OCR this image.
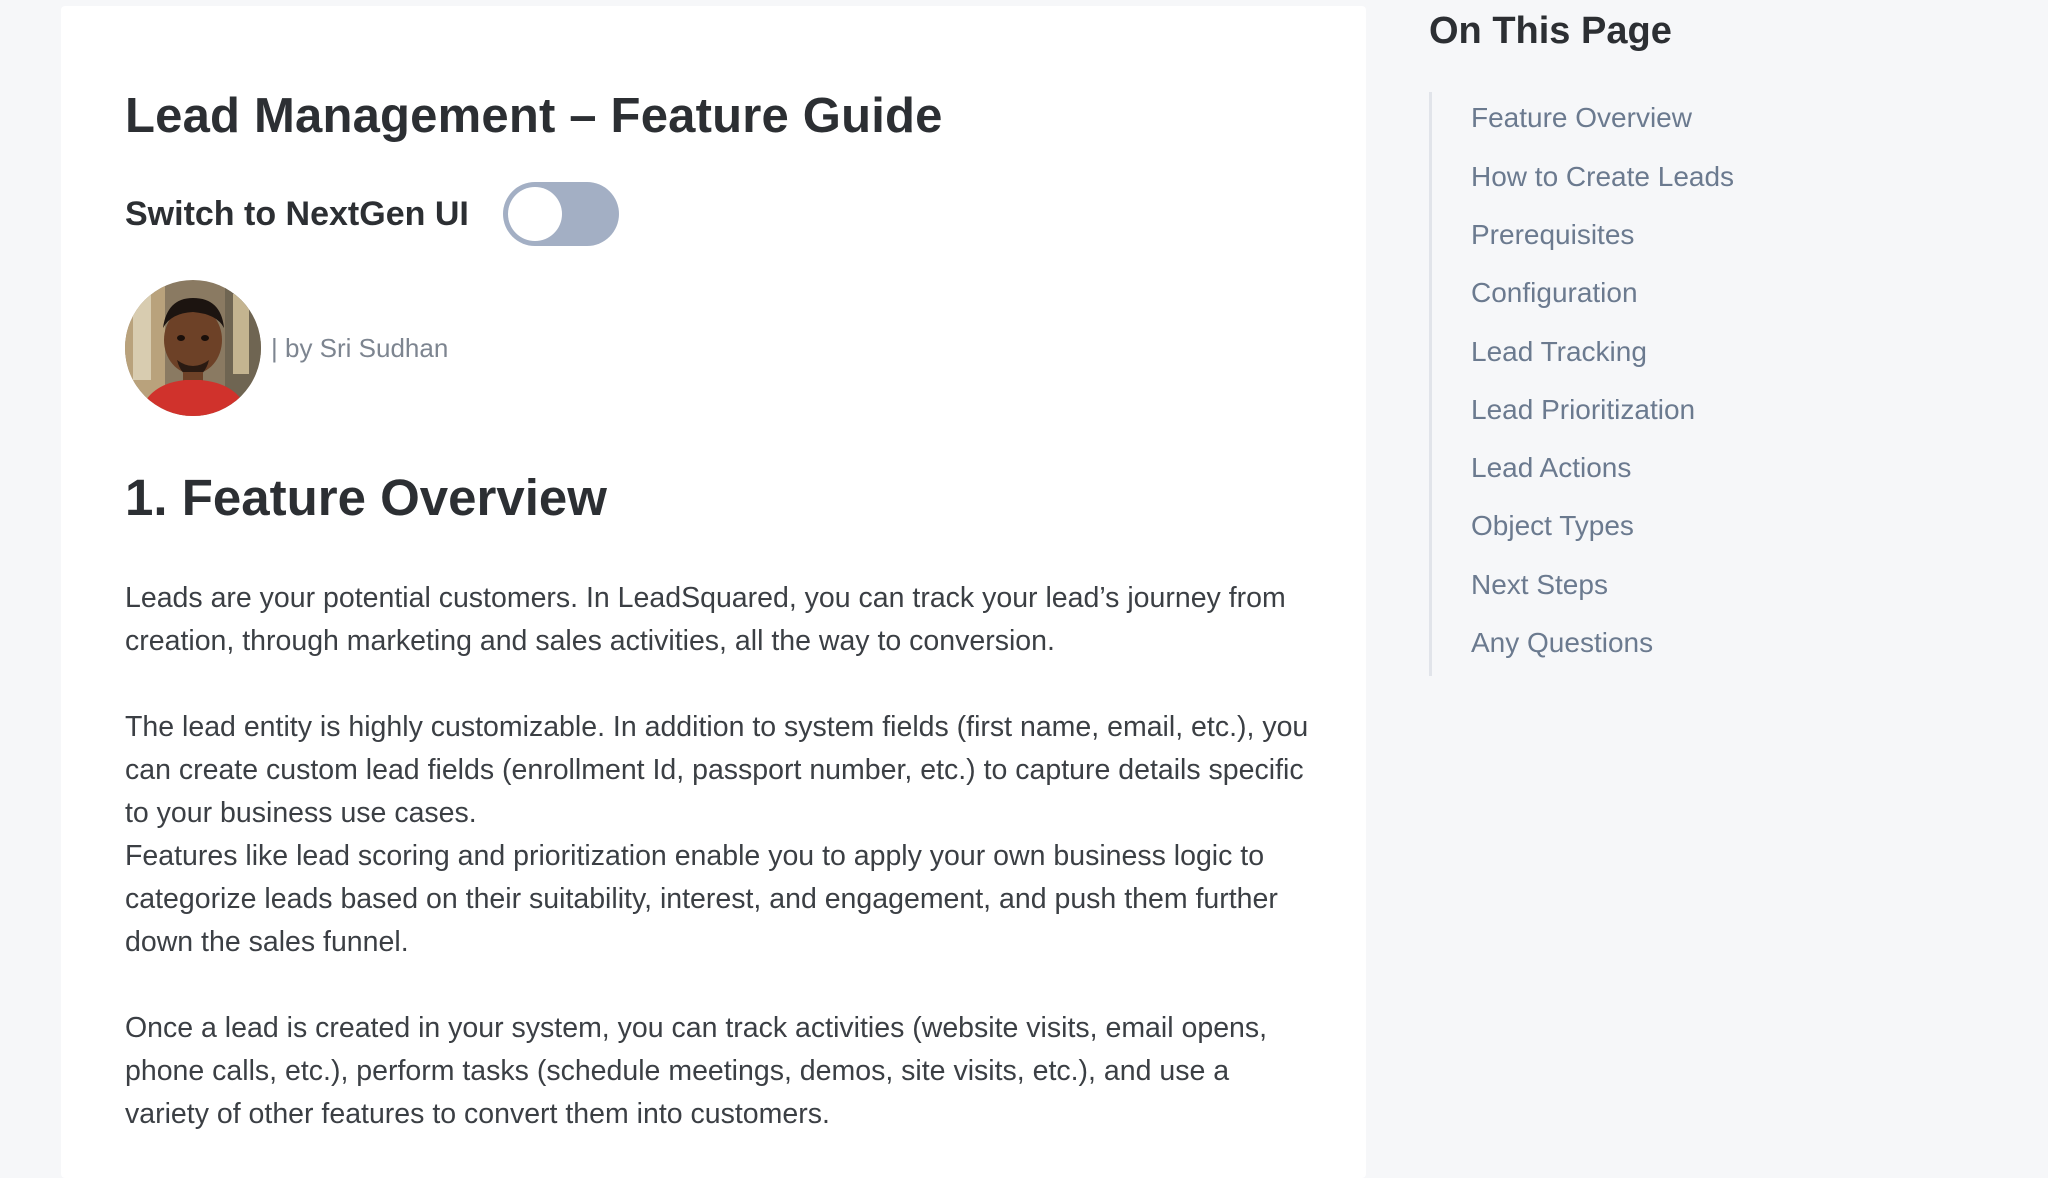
Lead Management – Feature Guide
Switch to NextGen UI
| by Sri Sudhan
1. Feature Overview

Leads are your potential customers. In LeadSquared, you can track your lead’s journey from creation, through marketing and sales activities, all the way to conversion.

The lead entity is highly customizable. In addition to system fields (first name, email, etc.), you can create custom lead fields (enrollment Id, passport number, etc.) to capture details specific to your business use cases.

Features like lead scoring and prioritization enable you to apply your own business logic to categorize leads based on their suitability, interest, and engagement, and push them further down the sales funnel.

Once a lead is created in your system, you can track activities (website visits, email opens, phone calls, etc.), perform tasks (schedule meetings, demos, site visits, etc.), and use a variety of other features to convert them into customers.

On This Page
Feature Overview
How to Create Leads
Prerequisites
Configuration
Lead Tracking
Lead Prioritization
Lead Actions
Object Types
Next Steps
Any Questions
